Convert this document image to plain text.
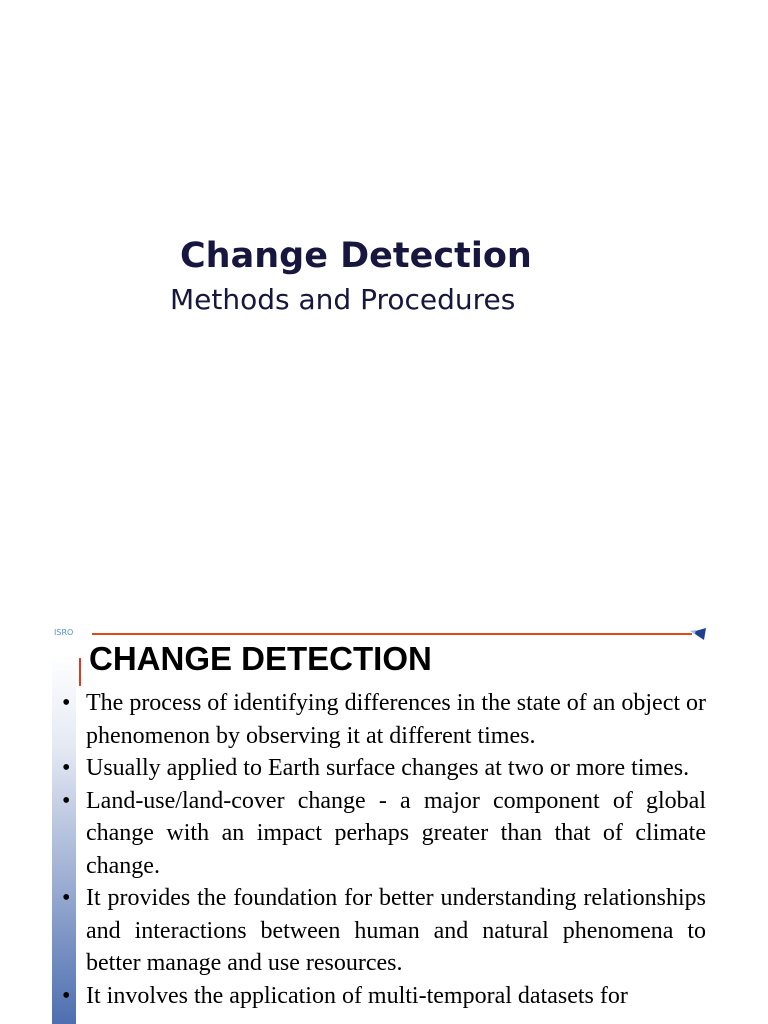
Change Detection
Methods and Procedures
ISRO
CHANGE DETECTION
• The process of identifying differences in the state of an object or phenomenon by observing it at different times.
• Usually applied to Earth surface changes at two or more times.
• Land-use/land-cover change - a major component of global change with an impact perhaps greater than that of climate change.
• It provides the foundation for better understanding relationships and interactions between human and natural phenomena to better manage and use resources.
• It involves the application of multi-temporal datasets for
